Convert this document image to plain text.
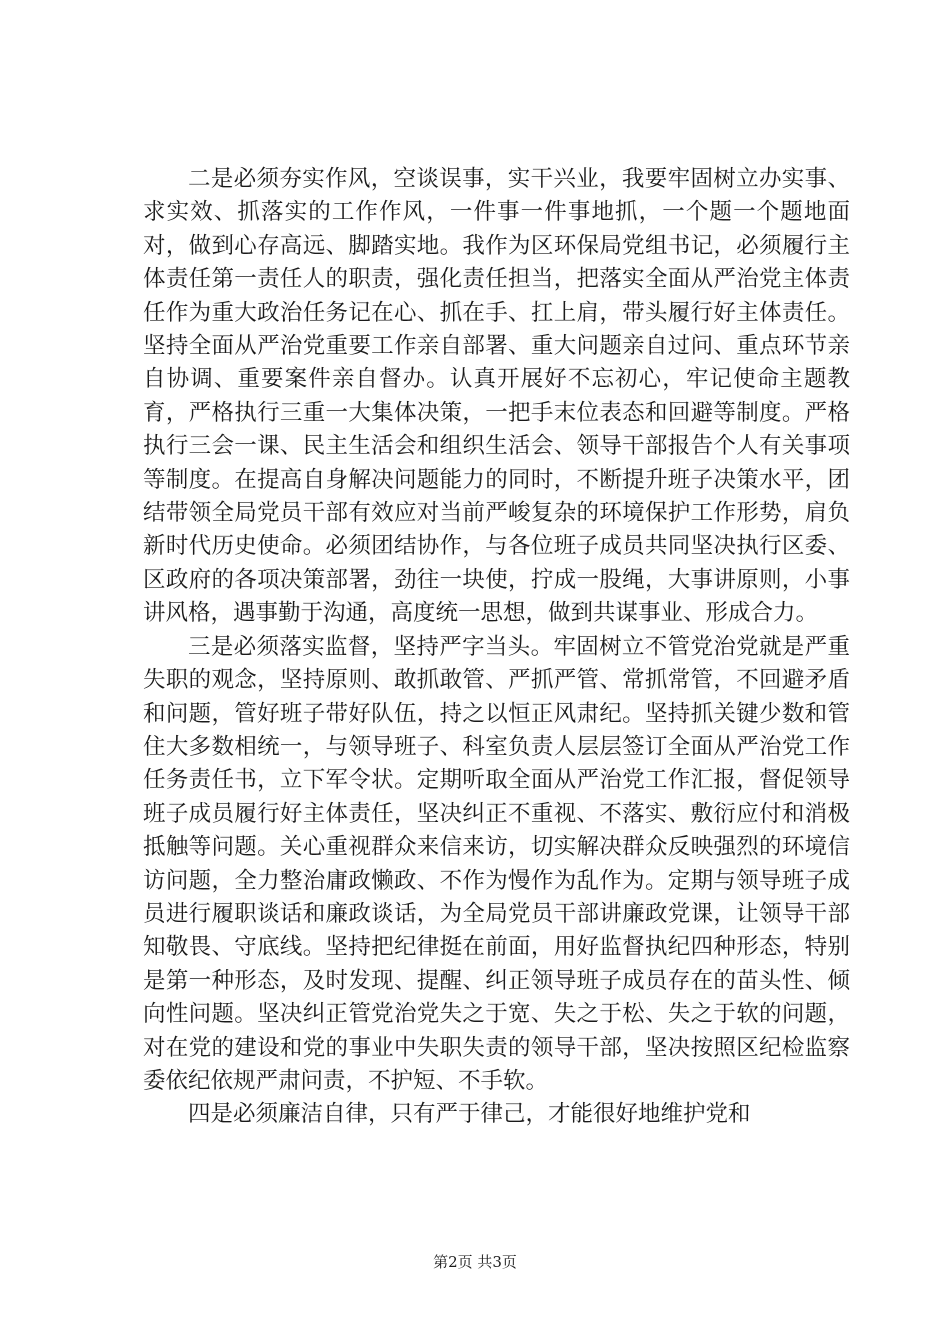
二是必须夯实作风，空谈误事，实干兴业，我要牢固树立办实事、求实效、抓落实的工作作风，一件事一件事地抓，一个题一个题地面对，做到心存高远、脚踏实地。我作为区环保局党组书记，必须履行主体责任第一责任人的职责，强化责任担当，把落实全面从严治党主体责任作为重大政治任务记在心、抓在手、扛上肩，带头履行好主体责任。坚持全面从严治党重要工作亲自部署、重大问题亲自过问、重点环节亲自协调、重要案件亲自督办。认真开展好不忘初心，牢记使命主题教育，严格执行三重一大集体决策，一把手末位表态和回避等制度。严格执行三会一课、民主生活会和组织生活会、领导干部报告个人有关事项等制度。在提高自身解决问题能力的同时，不断提升班子决策水平，团结带领全局党员干部有效应对当前严峻复杂的环境保护工作形势，肩负新时代历史使命。必须团结协作，与各位班子成员共同坚决执行区委、区政府的各项决策部署，劲往一块使，拧成一股绳，大事讲原则，小事讲风格，遇事勤于沟通，高度统一思想，做到共谋事业、形成合力。

三是必须落实监督，坚持严字当头。牢固树立不管党治党就是严重失职的观念，坚持原则、敢抓敢管、严抓严管、常抓常管，不回避矛盾和问题，管好班子带好队伍，持之以恒正风肃纪。坚持抓关键少数和管住大多数相统一，与领导班子、科室负责人层层签订全面从严治党工作任务责任书，立下军令状。定期听取全面从严治党工作汇报，督促领导班子成员履行好主体责任，坚决纠正不重视、不落实、敷衍应付和消极抵触等问题。关心重视群众来信来访，切实解决群众反映强烈的环境信访问题，全力整治庸政懒政、不作为慢作为乱作为。定期与领导班子成员进行履职谈话和廉政谈话，为全局党员干部讲廉政党课，让领导干部知敬畏、守底线。坚持把纪律挺在前面，用好监督执纪四种形态，特别是第一种形态，及时发现、提醒、纠正领导班子成员存在的苗头性、倾向性问题。坚决纠正管党治党失之于宽、失之于松、失之于软的问题，对在党的建设和党的事业中失职失责的领导干部，坚决按照区纪检监察委依纪依规严肃问责，不护短、不手软。

四是必须廉洁自律，只有严于律己，才能很好地维护党和

第2页 共3页
